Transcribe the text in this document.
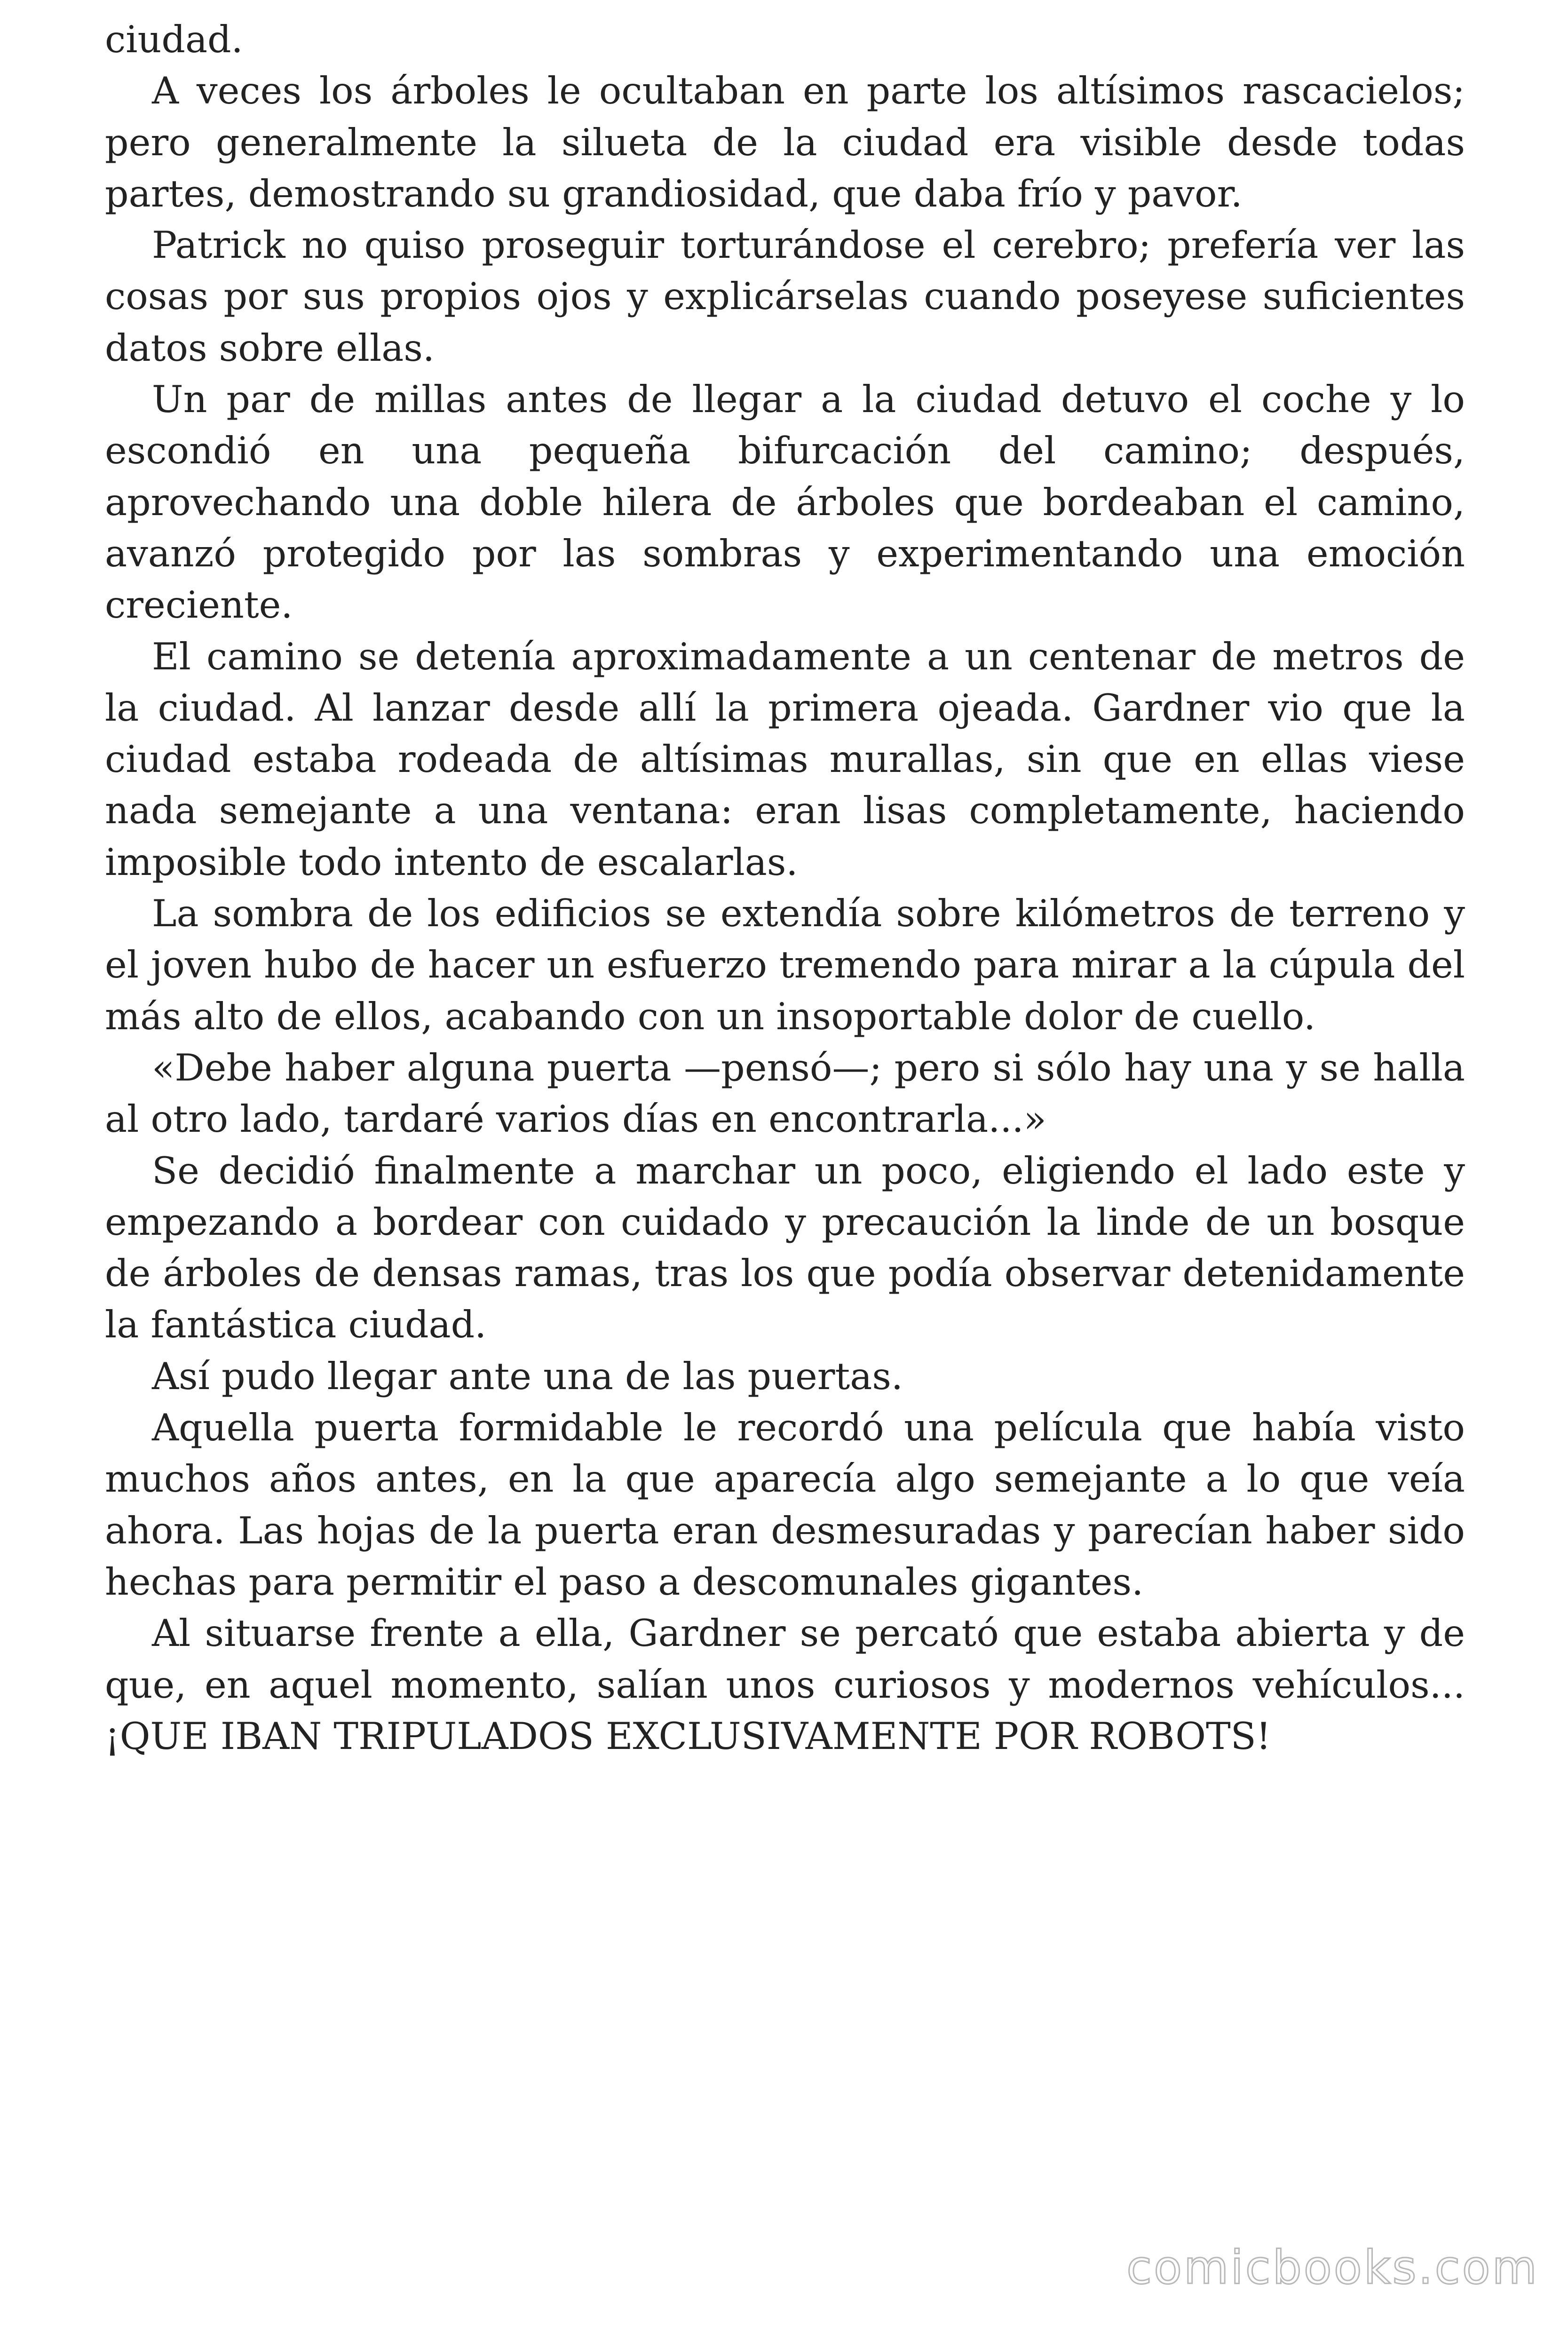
ciudad.

A veces los árboles le ocultaban en parte los altísimos rascacielos; pero generalmente la silueta de la ciudad era visible desde todas partes, demostrando su grandiosidad, que daba frío y pavor.

Patrick no quiso proseguir torturándose el cerebro; prefería ver las cosas por sus propios ojos y explicárselas cuando poseyese suficientes datos sobre ellas.

Un par de millas antes de llegar a la ciudad detuvo el coche y lo escondió en una pequeña bifurcación del camino; después, aprovechando una doble hilera de árboles que bordeaban el camino, avanzó protegido por las sombras y experimentando una emoción creciente.

El camino se detenía aproximadamente a un centenar de metros de la ciudad. Al lanzar desde allí la primera ojeada. Gardner vio que la ciudad estaba rodeada de altísimas murallas, sin que en ellas viese nada semejante a una ventana: eran lisas completamente, haciendo imposible todo intento de escalarlas.

La sombra de los edificios se extendía sobre kilómetros de terreno y el joven hubo de hacer un esfuerzo tremendo para mirar a la cúpula del más alto de ellos, acabando con un insoportable dolor de cuello.

«Debe haber alguna puerta —pensó—; pero si sólo hay una y se halla al otro lado, tardaré varios días en encontrarla...»

Se decidió finalmente a marchar un poco, eligiendo el lado este y empezando a bordear con cuidado y precaución la linde de un bosque de árboles de densas ramas, tras los que podía observar detenidamente la fantástica ciudad.

Así pudo llegar ante una de las puertas.

Aquella puerta formidable le recordó una película que había visto muchos años antes, en la que aparecía algo semejante a lo que veía ahora. Las hojas de la puerta eran desmesuradas y parecían haber sido hechas para permitir el paso a descomunales gigantes.

Al situarse frente a ella, Gardner se percató que estaba abierta y de que, en aquel momento, salían unos curiosos y modernos vehículos... ¡QUE IBAN TRIPULADOS EXCLUSIVAMENTE POR ROBOTS!

comicbooks.com
